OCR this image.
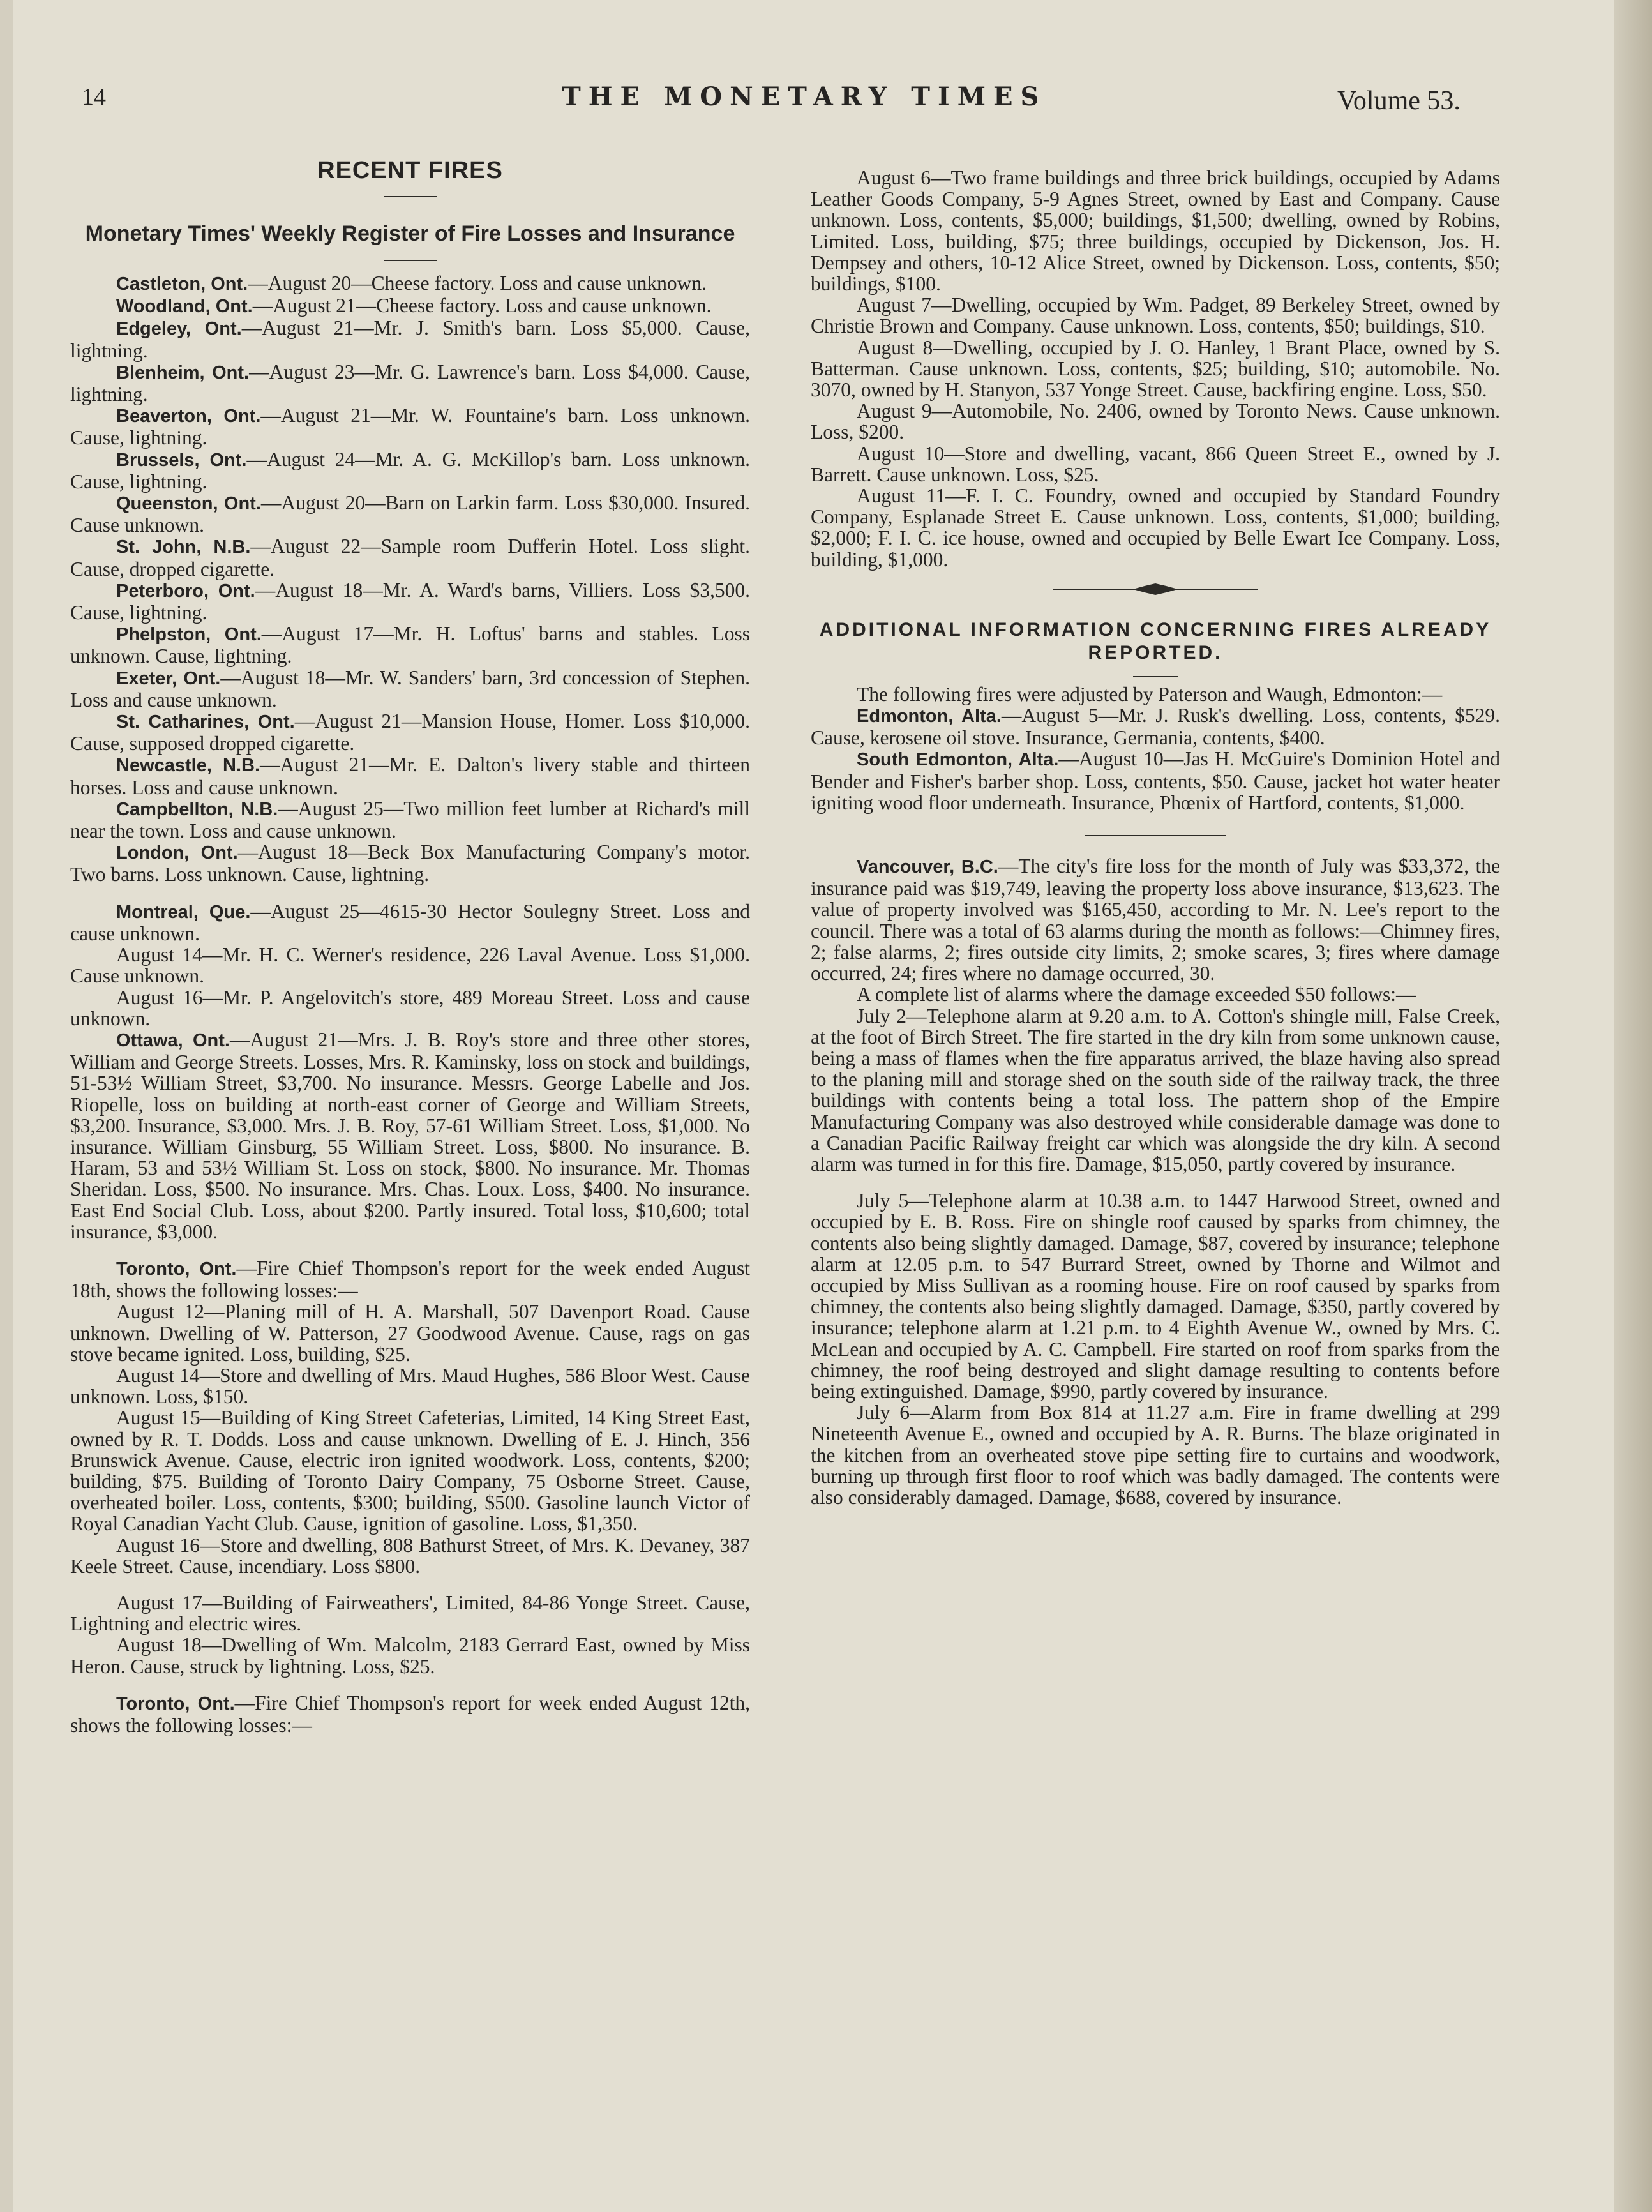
14	THE MONETARY TIMES	Volume 53.
RECENT FIRES
Monetary Times' Weekly Register of Fire Losses and Insurance

Castleton, Ont.—August 20—Cheese factory. Loss and cause unknown.

Woodland, Ont.—August 21—Cheese factory. Loss and cause unknown.

Edgeley, Ont.—August 21—Mr. J. Smith's barn. Loss $5,000. Cause, lightning.

Blenheim, Ont.—August 23—Mr. G. Lawrence's barn. Loss $4,000. Cause, lightning.

Beaverton, Ont.—August 21—Mr. W. Fountaine's barn. Loss unknown. Cause, lightning.

Brussels, Ont.—August 24—Mr. A. G. McKillop's barn. Loss unknown. Cause, lightning.

Queenston, Ont.—August 20—Barn on Larkin farm. Loss $30,000. Insured. Cause unknown.

St. John, N.B.—August 22—Sample room Dufferin Hotel. Loss slight. Cause, dropped cigarette.

Peterboro, Ont.—August 18—Mr. A. Ward's barns, Villiers. Loss $3,500. Cause, lightning.

Phelpston, Ont.—August 17—Mr. H. Loftus' barns and stables. Loss unknown. Cause, lightning.

Exeter, Ont.—August 18—Mr. W. Sanders' barn, 3rd concession of Stephen. Loss and cause unknown.

St. Catharines, Ont.—August 21—Mansion House, Homer. Loss $10,000. Cause, supposed dropped cigarette.

Newcastle, N.B.—August 21—Mr. E. Dalton's livery stable and thirteen horses. Loss and cause unknown.

Campbellton, N.B.—August 25—Two million feet lumber at Richard's mill near the town. Loss and cause unknown.

London, Ont.—August 18—Beck Box Manufacturing Company's motor. Two barns. Loss unknown. Cause, lightning.

Montreal, Que.—August 25—4615-30 Hector Soulegny Street. Loss and cause unknown.

August 14—Mr. H. C. Werner's residence, 226 Laval Avenue. Loss $1,000. Cause unknown.

August 16—Mr. P. Angelovitch's store, 489 Moreau Street. Loss and cause unknown.

Ottawa, Ont.—August 21—Mrs. J. B. Roy's store and three other stores, William and George Streets. Losses, Mrs. R. Kaminsky, loss on stock and buildings, 51-53½ William Street, $3,700. No insurance. Messrs. George Labelle and Jos. Riopelle, loss on building at north-east corner of George and William Streets, $3,200. Insurance, $3,000. Mrs. J. B. Roy, 57-61 William Street. Loss, $1,000. No insurance. William Ginsburg, 55 William Street. Loss, $800. No insurance. B. Haram, 53 and 53½ William St. Loss on stock, $800. No insurance. Mr. Thomas Sheridan. Loss, $500. No insurance. Mrs. Chas. Loux. Loss, $400. No insurance. East End Social Club. Loss, about $200. Partly insured. Total loss, $10,600; total insurance, $3,000.

Toronto, Ont.—Fire Chief Thompson's report for the week ended August 18th, shows the following losses:—

August 12—Planing mill of H. A. Marshall, 507 Davenport Road. Cause unknown. Dwelling of W. Patterson, 27 Goodwood Avenue. Cause, rags on gas stove became ignited. Loss, building, $25.

August 14—Store and dwelling of Mrs. Maud Hughes, 586 Bloor West. Cause unknown. Loss, $150.

August 15—Building of King Street Cafeterias, Limited, 14 King Street East, owned by R. T. Dodds. Loss and cause unknown. Dwelling of E. J. Hinch, 356 Brunswick Avenue. Cause, electric iron ignited woodwork. Loss, contents, $200; building, $75. Building of Toronto Dairy Company, 75 Osborne Street. Cause, overheated boiler. Loss, contents, $300; building, $500. Gasoline launch Victor of Royal Canadian Yacht Club. Cause, ignition of gasoline. Loss, $1,350.

August 16—Store and dwelling, 808 Bathurst Street, of Mrs. K. Devaney, 387 Keele Street. Cause, incendiary. Loss $800.

August 17—Building of Fairweathers', Limited, 84-86 Yonge Street. Cause, Lightning and electric wires.

August 18—Dwelling of Wm. Malcolm, 2183 Gerrard East, owned by Miss Heron. Cause, struck by lightning. Loss, $25.

Toronto, Ont.—Fire Chief Thompson's report for week ended August 12th, shows the following losses:—

August 6—Two frame buildings and three brick buildings, occupied by Adams Leather Goods Company, 5-9 Agnes Street, owned by East and Company. Cause unknown. Loss, contents, $5,000; buildings, $1,500; dwelling, owned by Robins, Limited. Loss, building, $75; three buildings, occupied by Dickenson, Jos. H. Dempsey and others, 10-12 Alice Street, owned by Dickenson. Loss, contents, $50; buildings, $100.

August 7—Dwelling, occupied by Wm. Padget, 89 Berkeley Street, owned by Christie Brown and Company. Cause unknown. Loss, contents, $50; buildings, $10.

August 8—Dwelling, occupied by J. O. Hanley, 1 Brant Place, owned by S. Batterman. Cause unknown. Loss, contents, $25; building, $10; automobile. No. 3070, owned by H. Stanyon, 537 Yonge Street. Cause, backfiring engine. Loss, $50.

August 9—Automobile, No. 2406, owned by Toronto News. Cause unknown. Loss, $200.

August 10—Store and dwelling, vacant, 866 Queen Street E., owned by J. Barrett. Cause unknown. Loss, $25.

August 11—F. I. C. Foundry, owned and occupied by Standard Foundry Company, Esplanade Street E. Cause unknown. Loss, contents, $1,000; building, $2,000; F. I. C. ice house, owned and occupied by Belle Ewart Ice Company. Loss, building, $1,000.

ADDITIONAL INFORMATION CONCERNING FIRES ALREADY REPORTED.

The following fires were adjusted by Paterson and Waugh, Edmonton:—

Edmonton, Alta.—August 5—Mr. J. Rusk's dwelling. Loss, contents, $529. Cause, kerosene oil stove. Insurance, Germania, contents, $400.

South Edmonton, Alta.—August 10—Jas H. McGuire's Dominion Hotel and Bender and Fisher's barber shop. Loss, contents, $50. Cause, jacket hot water heater igniting wood floor underneath. Insurance, Phœnix of Hartford, contents, $1,000.

Vancouver, B.C.—The city's fire loss for the month of July was $33,372, the insurance paid was $19,749, leaving the property loss above insurance, $13,623. The value of property involved was $165,450, according to Mr. N. Lee's report to the council. There was a total of 63 alarms during the month as follows:—Chimney fires, 2; false alarms, 2; fires outside city limits, 2; smoke scares, 3; fires where damage occurred, 24; fires where no damage occurred, 30.

A complete list of alarms where the damage exceeded $50 follows:—

July 2—Telephone alarm at 9.20 a.m. to A. Cotton's shingle mill, False Creek, at the foot of Birch Street. The fire started in the dry kiln from some unknown cause, being a mass of flames when the fire apparatus arrived, the blaze having also spread to the planing mill and storage shed on the south side of the railway track, the three buildings with contents being a total loss. The pattern shop of the Empire Manufacturing Company was also destroyed while considerable damage was done to a Canadian Pacific Railway freight car which was alongside the dry kiln. A second alarm was turned in for this fire. Damage, $15,050, partly covered by insurance.

July 5—Telephone alarm at 10.38 a.m. to 1447 Harwood Street, owned and occupied by E. B. Ross. Fire on shingle roof caused by sparks from chimney, the contents also being slightly damaged. Damage, $87, covered by insurance; telephone alarm at 12.05 p.m. to 547 Burrard Street, owned by Thorne and Wilmot and occupied by Miss Sullivan as a rooming house. Fire on roof caused by sparks from chimney, the contents also being slightly damaged. Damage, $350, partly covered by insurance; telephone alarm at 1.21 p.m. to 4 Eighth Avenue W., owned by Mrs. C. McLean and occupied by A. C. Campbell. Fire started on roof from sparks from the chimney, the roof being destroyed and slight damage resulting to contents before being extinguished. Damage, $990, partly covered by insurance.

July 6—Alarm from Box 814 at 11.27 a.m. Fire in frame dwelling at 299 Nineteenth Avenue E., owned and occupied by A. R. Burns. The blaze originated in the kitchen from an overheated stove pipe setting fire to curtains and woodwork, burning up through first floor to roof which was badly damaged. The contents were also considerably damaged. Damage, $688, covered by insurance.
